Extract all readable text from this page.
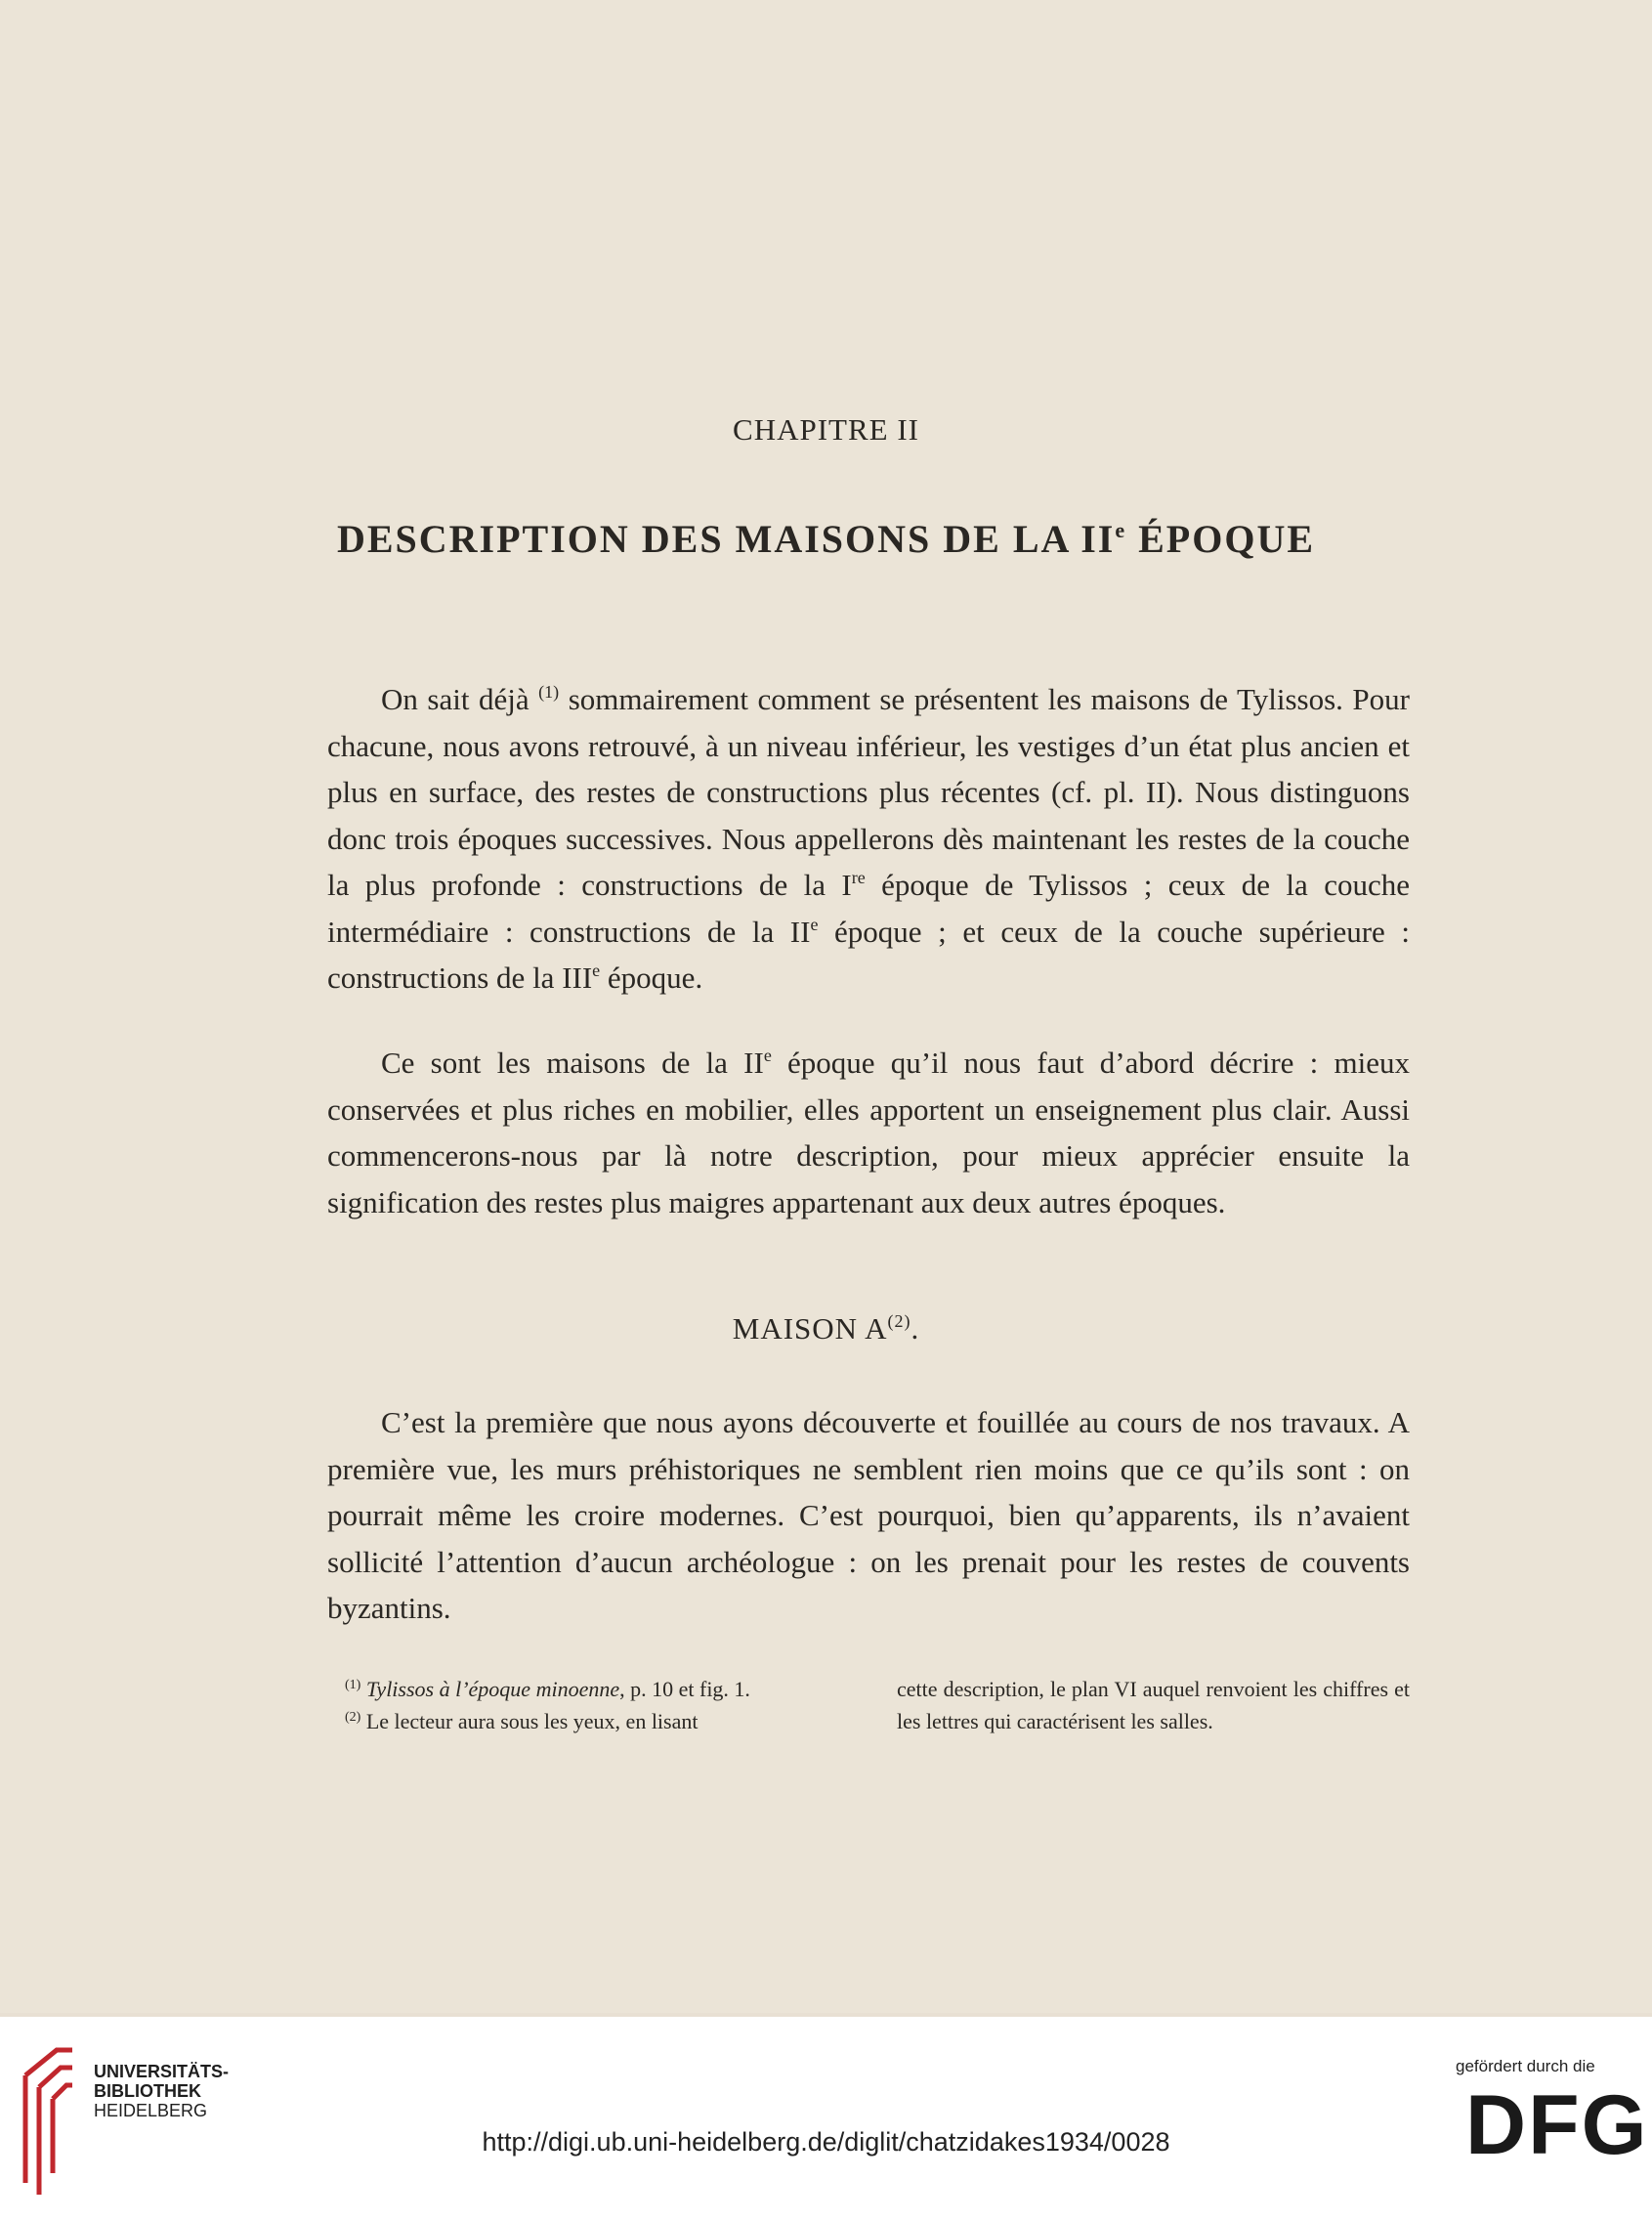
CHAPITRE II
DESCRIPTION DES MAISONS DE LA IIe ÉPOQUE

On sait déjà $^{(1)}$ sommairement comment se présentent les maisons de Tylissos. Pour chacune, nous avons retrouvé, à un niveau inférieur, les vestiges d’un état plus ancien et plus en surface, des restes de constructions plus récentes (cf. pl. II). Nous distinguons donc trois époques successives. Nous appellerons dès maintenant les restes de la couche la plus profonde : constructions de la Ire époque de Tylissos ; ceux de la couche intermédiaire : constructions de la IIe époque ; et ceux de la couche supérieure : constructions de la IIIe époque.

Ce sont les maisons de la IIe époque qu’il nous faut d’abord décrire : mieux conservées et plus riches en mobilier, elles apportent un enseignement plus clair. Aussi commencerons-nous par là notre description, pour mieux apprécier ensuite la signification des restes plus maigres appartenant aux deux autres époques.

MAISON $A^{(2)}$.

C’est la première que nous ayons découverte et fouillée au cours de nos travaux. A première vue, les murs préhistoriques ne semblent rien moins que ce qu’ils sont : on pourrait même les croire modernes. C’est pourquoi, bien qu’apparents, ils n’avaient sollicité l’attention d’aucun archéologue : on les prenait pour les restes de couvents byzantins.

$^{(1)}$ Tylissos à l’époque minoenne, p. 10 et fig. 1.

$^{(2)}$ Le lecteur aura sous les yeux, en lisant

cette description, le plan VI auquel renvoient les chiffres et les lettres qui caractérisent les salles.

UNIVERSITÄTS-
BIBLIOTHEK
HEIDELBERG
http://digi.ub.uni-heidelberg.de/diglit/chatzidakes1934/0028
gefördert durch die
DFG
